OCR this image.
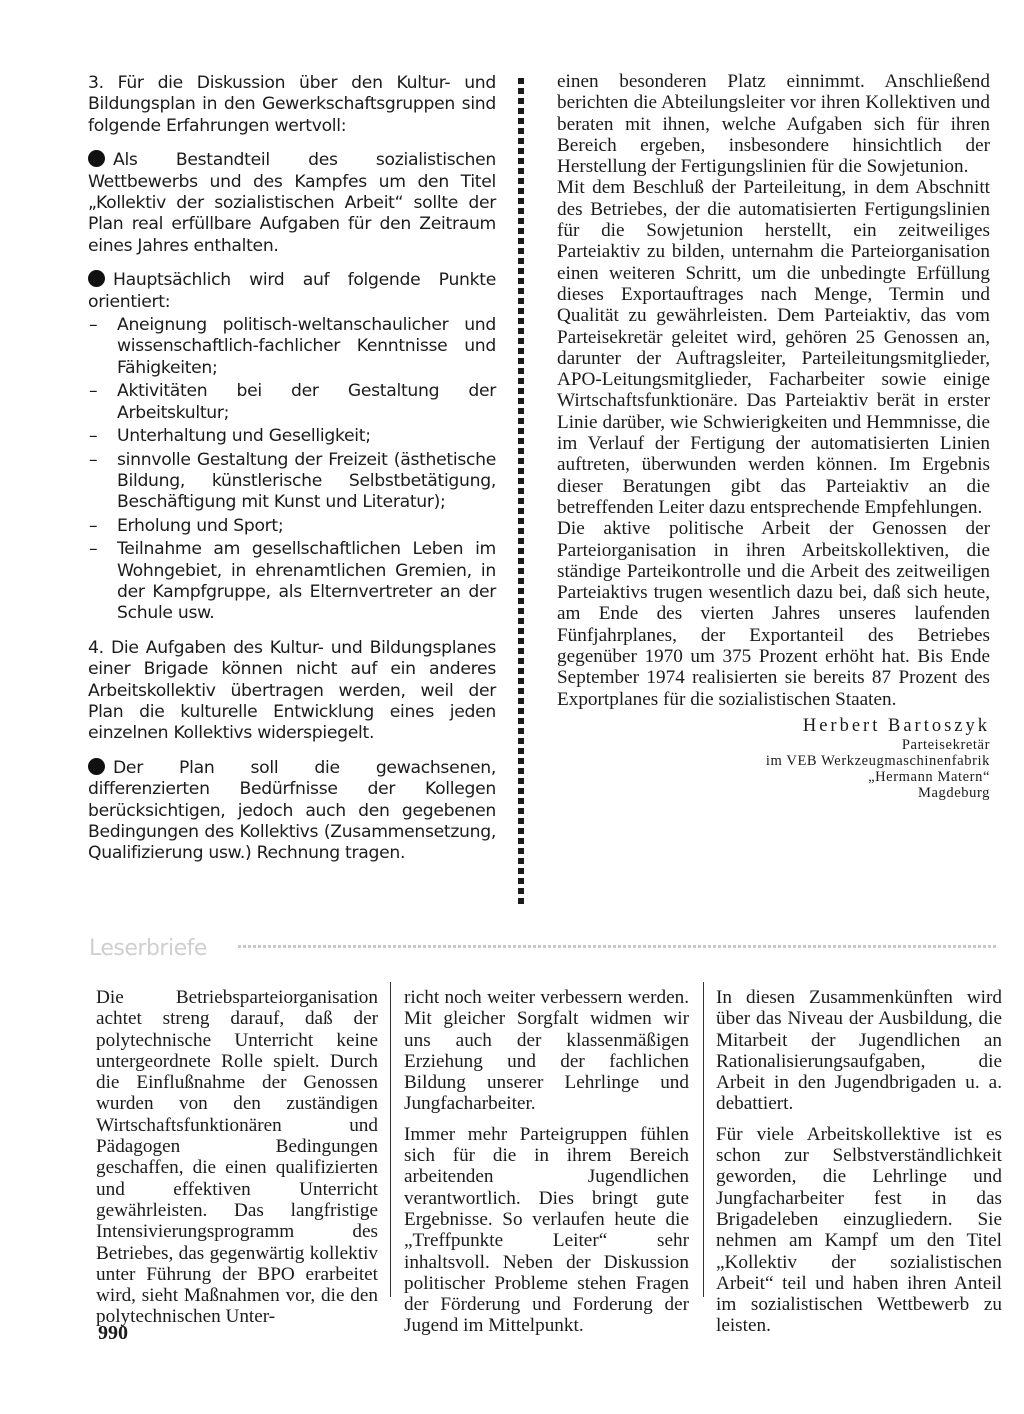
3. Für die Diskussion über den Kultur- und Bildungsplan in den Gewerkschaftsgruppen sind folgende Erfahrungen wertvoll:

Als Bestandteil des sozialistischen Wettbewerbs und des Kampfes um den Titel „Kollektiv der sozialistischen Arbeit“ sollte der Plan real erfüllbare Aufgaben für den Zeitraum eines Jahres enthalten.

Hauptsächlich wird auf folgende Punkte orientiert:

– Aneignung politisch-weltanschaulicher und wissenschaftlich-fachlicher Kenntnisse und Fähigkeiten;
– Aktivitäten bei der Gestaltung der Arbeitskultur;
– Unterhaltung und Geselligkeit;
– sinnvolle Gestaltung der Freizeit (ästhetische Bildung, künstlerische Selbstbetätigung, Beschäftigung mit Kunst und Literatur);
– Erholung und Sport;
– Teilnahme am gesellschaftlichen Leben im Wohngebiet, in ehrenamtlichen Gremien, in der Kampfgruppe, als Elternvertreter an der Schule usw.

4. Die Aufgaben des Kultur- und Bildungsplanes einer Brigade können nicht auf ein anderes Arbeitskollektiv übertragen werden, weil der Plan die kulturelle Entwicklung eines jeden einzelnen Kollektivs widerspiegelt.

Der Plan soll die gewachsenen, differenzierten Bedürfnisse der Kollegen berücksichtigen, jedoch auch den gegebenen Bedingungen des Kollektivs (Zusammensetzung, Qualifizierung usw.) Rechnung tragen.

einen besonderen Platz einnimmt. Anschließend berichten die Abteilungsleiter vor ihren Kollektiven und beraten mit ihnen, welche Aufgaben sich für ihren Bereich ergeben, insbesondere hinsichtlich der Herstellung der Fertigungslinien für die Sowjetunion.

Mit dem Beschluß der Parteileitung, in dem Abschnitt des Betriebes, der die automatisierten Fertigungslinien für die Sowjetunion herstellt, ein zeitweiliges Parteiaktiv zu bilden, unternahm die Parteiorganisation einen weiteren Schritt, um die unbedingte Erfüllung dieses Exportauftrages nach Menge, Termin und Qualität zu gewährleisten. Dem Parteiaktiv, das vom Parteisekretär geleitet wird, gehören 25 Genossen an, darunter der Auftragsleiter, Parteileitungsmitglieder, APO-Leitungsmitglieder, Facharbeiter sowie einige Wirtschaftsfunktionäre. Das Parteiaktiv berät in erster Linie darüber, wie Schwierigkeiten und Hemmnisse, die im Verlauf der Fertigung der automatisierten Linien auftreten, überwunden werden können. Im Ergebnis dieser Beratungen gibt das Parteiaktiv an die betreffenden Leiter dazu entsprechende Empfehlungen.

Die aktive politische Arbeit der Genossen der Parteiorganisation in ihren Arbeitskollektiven, die ständige Parteikontrolle und die Arbeit des zeitweiligen Parteiaktivs trugen wesentlich dazu bei, daß sich heute, am Ende des vierten Jahres unseres laufenden Fünfjahrplanes, der Exportanteil des Betriebes gegenüber 1970 um 375 Prozent erhöht hat. Bis Ende September 1974 realisierten sie bereits 87 Prozent des Exportplanes für die sozialistischen Staaten.

Herbert Bartoszyk
Parteisekretär
im VEB Werkzeugmaschinenfabrik
„Hermann Matern“
Magdeburg
Leserbriefe

Die Betriebsparteiorganisation achtet streng darauf, daß der polytechnische Unterricht keine untergeordnete Rolle spielt. Durch die Einflußnahme der Genossen wurden von den zuständigen Wirtschaftsfunktionären und Pädagogen Bedingungen geschaffen, die einen qualifizierten und effektiven Unterricht gewährleisten. Das langfristige Intensivierungsprogramm des Betriebes, das gegenwärtig kollektiv unter Führung der BPO erarbeitet wird, sieht Maßnahmen vor, die den polytechnischen Unter-

richt noch weiter verbessern werden. Mit gleicher Sorgfalt widmen wir uns auch der klassenmäßigen Erziehung und der fachlichen Bildung unserer Lehrlinge und Jungfacharbeiter.

Immer mehr Parteigruppen fühlen sich für die in ihrem Bereich arbeitenden Jugendlichen verantwortlich. Dies bringt gute Ergebnisse. So verlaufen heute die „Treffpunkte Leiter“ sehr inhaltsvoll. Neben der Diskussion politischer Probleme stehen Fragen der Förderung und Forderung der Jugend im Mittelpunkt.

In diesen Zusammenkünften wird über das Niveau der Ausbildung, die Mitarbeit der Jugendlichen an Rationalisierungsaufgaben, die Arbeit in den Jugendbrigaden u. a. debattiert.

Für viele Arbeitskollektive ist es schon zur Selbstverständlichkeit geworden, die Lehrlinge und Jungfacharbeiter fest in das Brigadeleben einzugliedern. Sie nehmen am Kampf um den Titel „Kollektiv der sozialistischen Arbeit“ teil und haben ihren Anteil im sozialistischen Wettbewerb zu leisten.

990
